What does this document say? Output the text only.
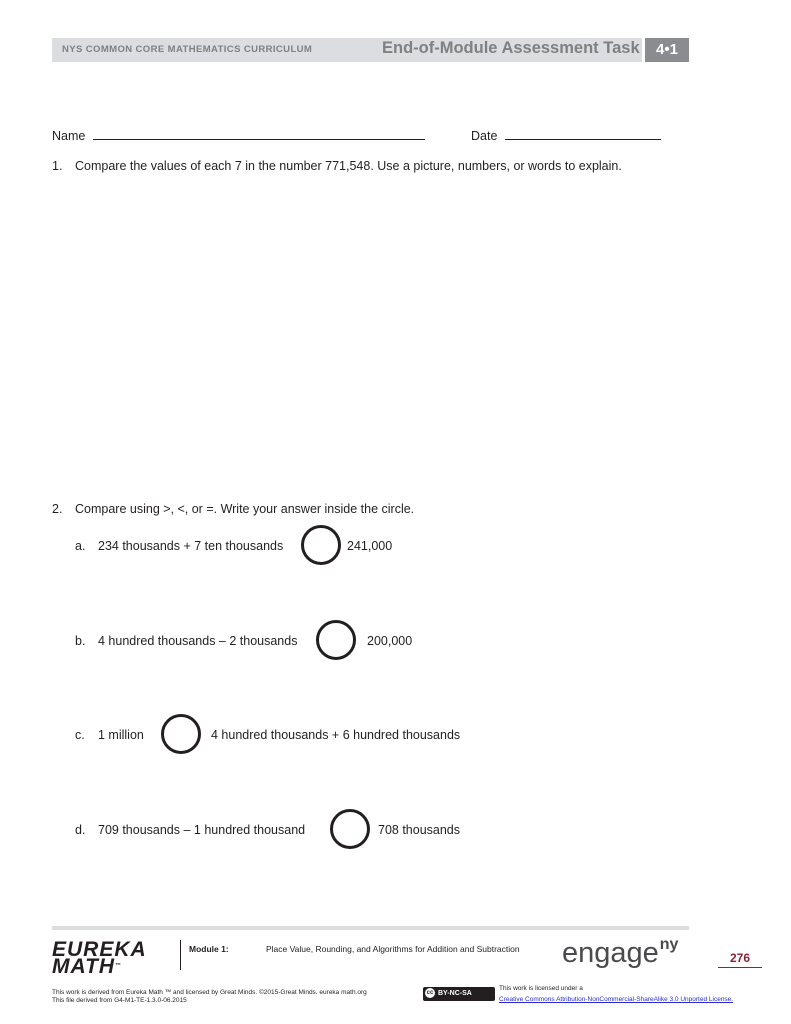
NYS COMMON CORE MATHEMATICS CURRICULUM	End-of-Module Assessment Task	4•1
Name	Date
1. Compare the values of each 7 in the number 771,548. Use a picture, numbers, or words to explain.
2. Compare using >, <, or =. Write your answer inside the circle.
a. 234 thousands + 7 ten thousands	241,000
b. 4 hundred thousands – 2 thousands	200,000
c. 1 million	4 hundred thousands + 6 hundred thousands
d. 709 thousands – 1 hundred thousand	708 thousands
EUREKA
MATH™
Module 1:	Place Value, Rounding, and Algorithms for Addition and Subtraction engage$^{ny}$
276
This work is derived from Eureka Math ™ and licensed by Great Minds. ©2015-Great Minds. eureka math.org
This file derived from G4-M1-TE-1.3.0-06.2015
cc BY-NC-SA
This work is licensed under a
Creative Commons Attribution-NonCommercial-ShareAlike 3.0 Unported License.
